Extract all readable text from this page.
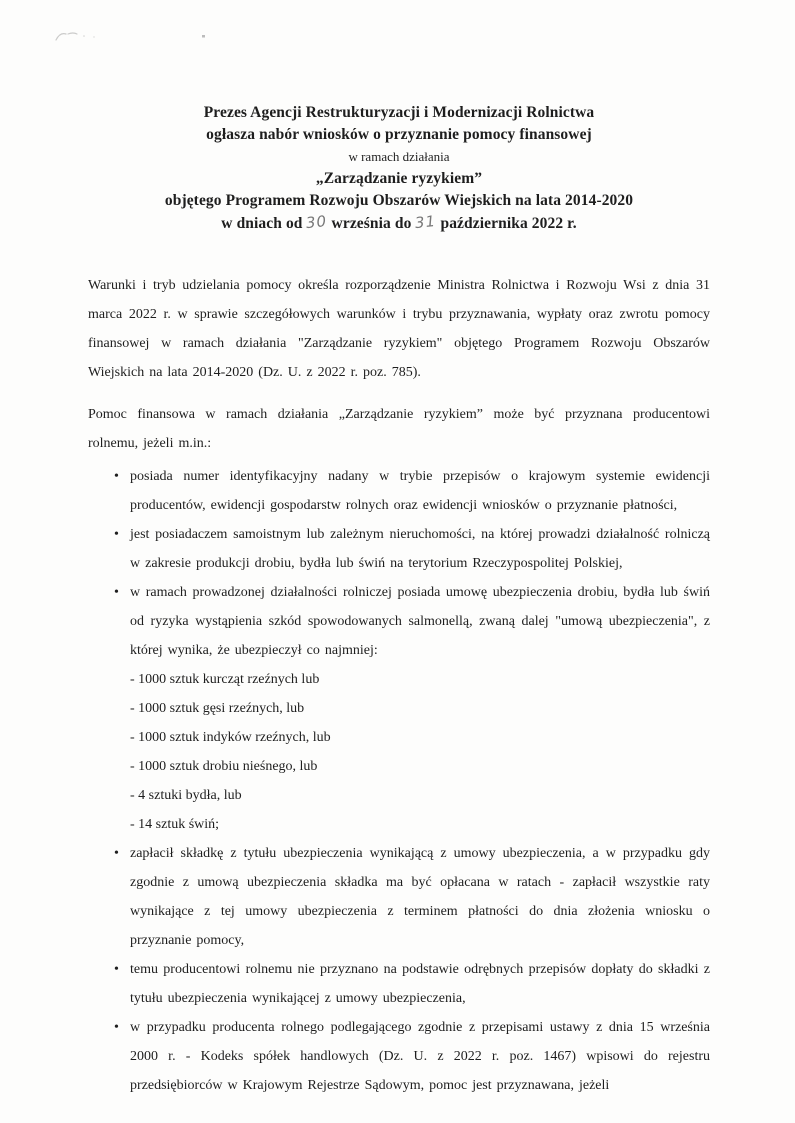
Prezes Agencji Restrukturyzacji i Modernizacji Rolnictwa
ogłasza nabór wniosków o przyznanie pomocy finansowej
w ramach działania
„Zarządzanie ryzykiem”
objętego Programem Rozwoju Obszarów Wiejskich na lata 2014-2020
w dniach od 30 września do 31 października 2022 r.

Warunki i tryb udzielania pomocy określa rozporządzenie Ministra Rolnictwa i Rozwoju Wsi z dnia 31 marca 2022 r. w sprawie szczegółowych warunków i trybu przyznawania, wypłaty oraz zwrotu pomocy finansowej w ramach działania "Zarządzanie ryzykiem" objętego Programem Rozwoju Obszarów Wiejskich na lata 2014-2020 (Dz. U. z 2022 r. poz. 785).

Pomoc finansowa w ramach działania „Zarządzanie ryzykiem” może być przyznana producentowi rolnemu, jeżeli m.in.:

• posiada numer identyfikacyjny nadany w trybie przepisów o krajowym systemie ewidencji producentów, ewidencji gospodarstw rolnych oraz ewidencji wniosków o przyznanie płatności,
• jest posiadaczem samoistnym lub zależnym nieruchomości, na której prowadzi działalność rolniczą w zakresie produkcji drobiu, bydła lub świń na terytorium Rzeczypospolitej Polskiej,
• w ramach prowadzonej działalności rolniczej posiada umowę ubezpieczenia drobiu, bydła lub świń od ryzyka wystąpienia szkód spowodowanych salmonellą, zwaną dalej "umową ubezpieczenia", z której wynika, że ubezpieczył co najmniej:
- 1000 sztuk kurcząt rzeźnych lub
- 1000 sztuk gęsi rzeźnych, lub
- 1000 sztuk indyków rzeźnych, lub
- 1000 sztuk drobiu nieśnego, lub
- 4 sztuki bydła, lub
- 14 sztuk świń;
• zapłacił składkę z tytułu ubezpieczenia wynikającą z umowy ubezpieczenia, a w przypadku gdy zgodnie z umową ubezpieczenia składka ma być opłacana w ratach - zapłacił wszystkie raty wynikające z tej umowy ubezpieczenia z terminem płatności do dnia złożenia wniosku o przyznanie pomocy,
• temu producentowi rolnemu nie przyznano na podstawie odrębnych przepisów dopłaty do składki z tytułu ubezpieczenia wynikającej z umowy ubezpieczenia,
• w przypadku producenta rolnego podlegającego zgodnie z przepisami ustawy z dnia 15 września 2000 r. - Kodeks spółek handlowych (Dz. U. z 2022 r. poz. 1467) wpisowi do rejestru przedsiębiorców w Krajowym Rejestrze Sądowym, pomoc jest przyznawana, jeżeli
